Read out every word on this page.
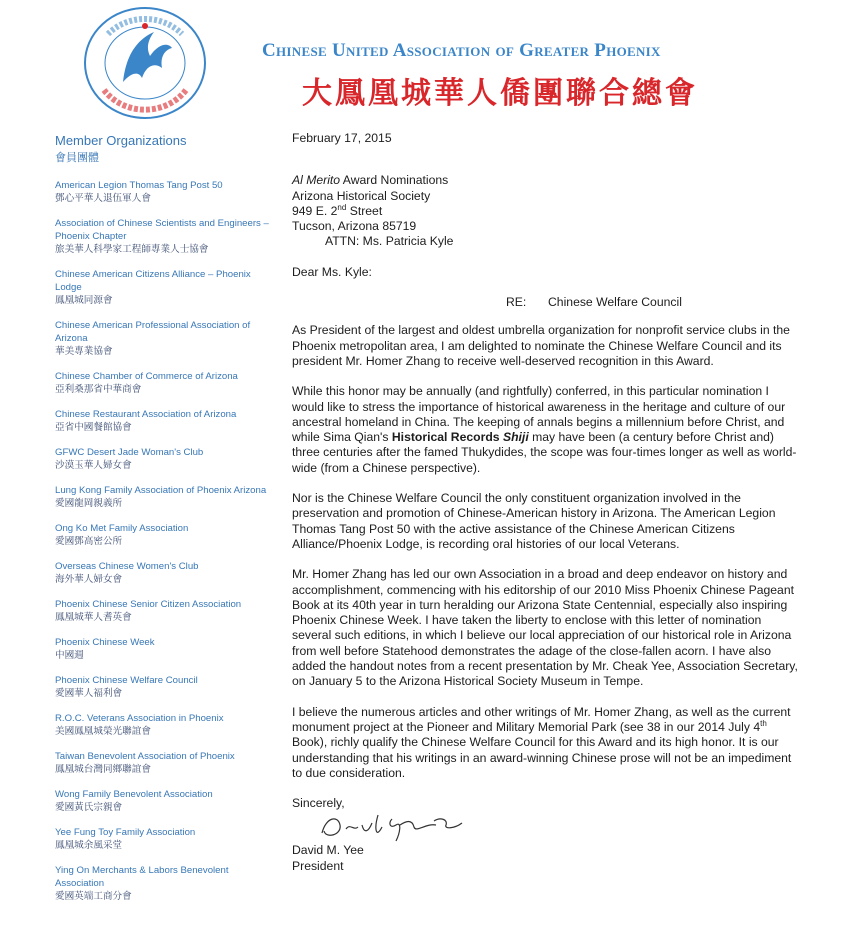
Chinese United Association of Greater Phoenix
大鳳凰城華人僑團聯合總會
Member Organizations
會員團體
American Legion Thomas Tang Post 50
鄧心平華人退伍軍人會
Association of Chinese Scientists and Engineers – Phoenix Chapter
旅美華人科學家工程師專業人士協會
Chinese American Citizens Alliance – Phoenix Lodge
鳳凰城同源會
Chinese American Professional Association of Arizona
華美專業協會
Chinese Chamber of Commerce of Arizona
亞利桑那省中華商會
Chinese Restaurant Association of Arizona
亞省中國餐館協會
GFWC Desert Jade Woman's Club
沙漠玉華人婦女會
Lung Kong Family Association of Phoenix Arizona
愛國龍岡親義所
Ong Ko Met Family Association
愛國鄧高密公所
Overseas Chinese Women's Club
海外華人婦女會
Phoenix Chinese Senior Citizen Association
鳳凰城華人耆英會
Phoenix Chinese Week
中國週
Phoenix Chinese Welfare Council
愛國華人福利會
R.O.C. Veterans Association in Phoenix
美國鳳凰城榮光聯誼會
Taiwan Benevolent Association of Phoenix
鳳凰城台灣同鄉聯誼會
Wong Family Benevolent Association
愛國黃氏宗親會
Yee Fung Toy Family Association
鳳凰城余風采堂
Ying On Merchants & Labors Benevolent Association
愛國英端工商分會
February 17, 2015
Al Merito Award Nominations
Arizona Historical Society
949 E. 2nd Street
Tucson, Arizona 85719
ATTN: Ms. Patricia Kyle
Dear Ms. Kyle:
RE: Chinese Welfare Council
As President of the largest and oldest umbrella organization for nonprofit service clubs in the Phoenix metropolitan area, I am delighted to nominate the Chinese Welfare Council and its president Mr. Homer Zhang to receive well-deserved recognition in this Award.
While this honor may be annually (and rightfully) conferred, in this particular nomination I would like to stress the importance of historical awareness in the heritage and culture of our ancestral homeland in China. The keeping of annals begins a millennium before Christ, and while Sima Qian's Historical Records Shiji may have been (a century before Christ and) three centuries after the famed Thukydides, the scope was four-times longer as well as world-wide (from a Chinese perspective).
Nor is the Chinese Welfare Council the only constituent organization involved in the preservation and promotion of Chinese-American history in Arizona. The American Legion Thomas Tang Post 50 with the active assistance of the Chinese American Citizens Alliance/Phoenix Lodge, is recording oral histories of our local Veterans.
Mr. Homer Zhang has led our own Association in a broad and deep endeavor on history and accomplishment, commencing with his editorship of our 2010 Miss Phoenix Chinese Pageant Book at its 40th year in turn heralding our Arizona State Centennial, especially also inspiring Phoenix Chinese Week. I have taken the liberty to enclose with this letter of nomination several such editions, in which I believe our local appreciation of our historical role in Arizona from well before Statehood demonstrates the adage of the close-fallen acorn. I have also added the handout notes from a recent presentation by Mr. Cheak Yee, Association Secretary, on January 5 to the Arizona Historical Society Museum in Tempe.
I believe the numerous articles and other writings of Mr. Homer Zhang, as well as the current monument project at the Pioneer and Military Memorial Park (see 38 in our 2014 July 4th Book), richly qualify the Chinese Welfare Council for this Award and its high honor. It is our understanding that his writings in an award-winning Chinese prose will not be an impediment to due consideration.
Sincerely,
David M. Yee
President
